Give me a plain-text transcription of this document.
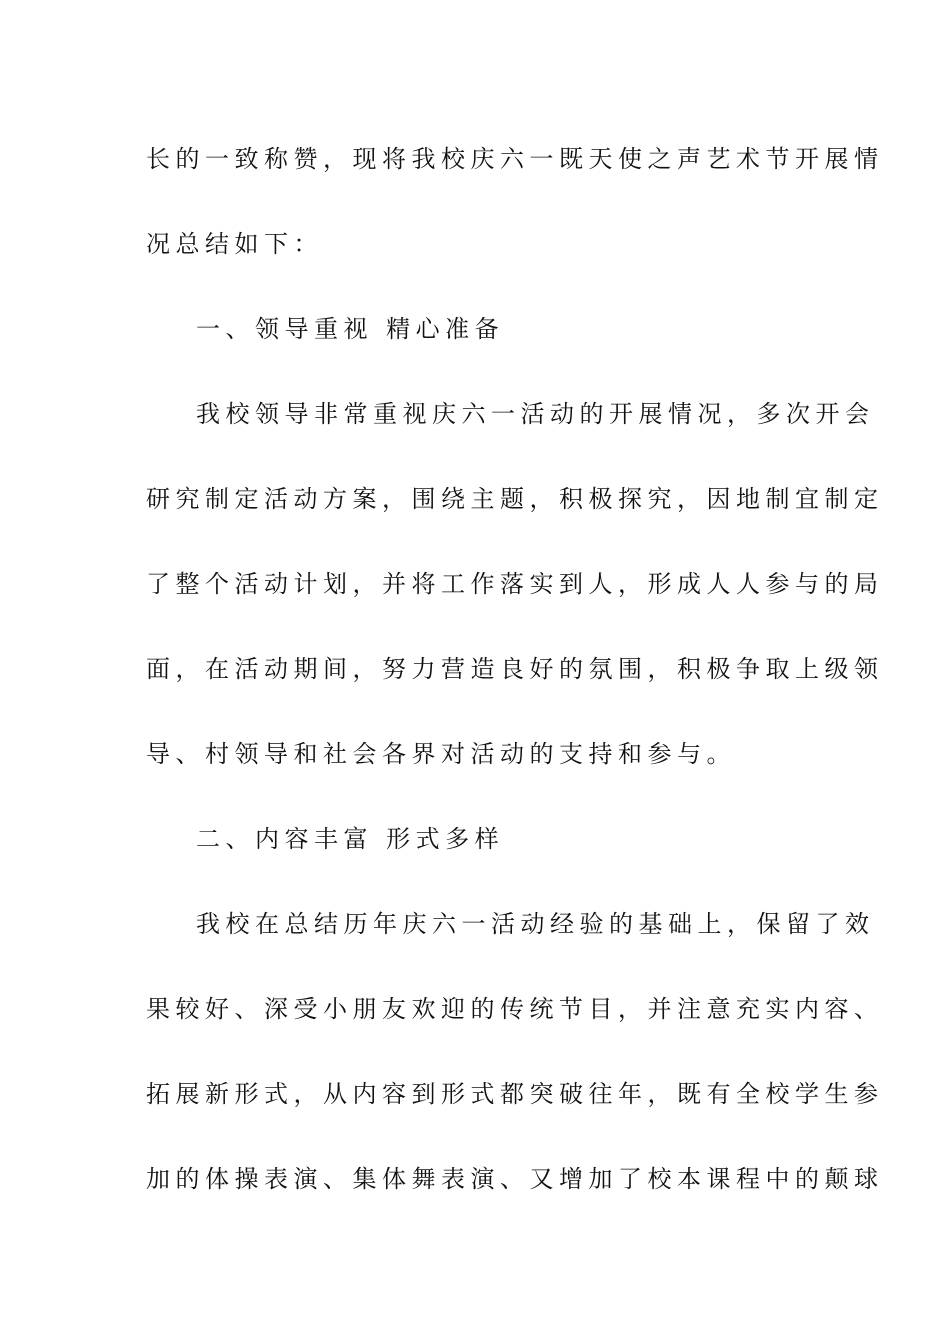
长的一致称赞，现将我校庆六一既天使之声艺术节开展情
况总结如下：
一、领导重视 精心准备
我校领导非常重视庆六一活动的开展情况，多次开会
研究制定活动方案，围绕主题，积极探究，因地制宜制定
了整个活动计划，并将工作落实到人，形成人人参与的局
面，在活动期间，努力营造良好的氛围，积极争取上级领
导、村领导和社会各界对活动的支持和参与。
二、内容丰富 形式多样
我校在总结历年庆六一活动经验的基础上，保留了效
果较好、深受小朋友欢迎的传统节目，并注意充实内容、
拓展新形式，从内容到形式都突破往年，既有全校学生参
加的体操表演、集体舞表演、又增加了校本课程中的颠球
